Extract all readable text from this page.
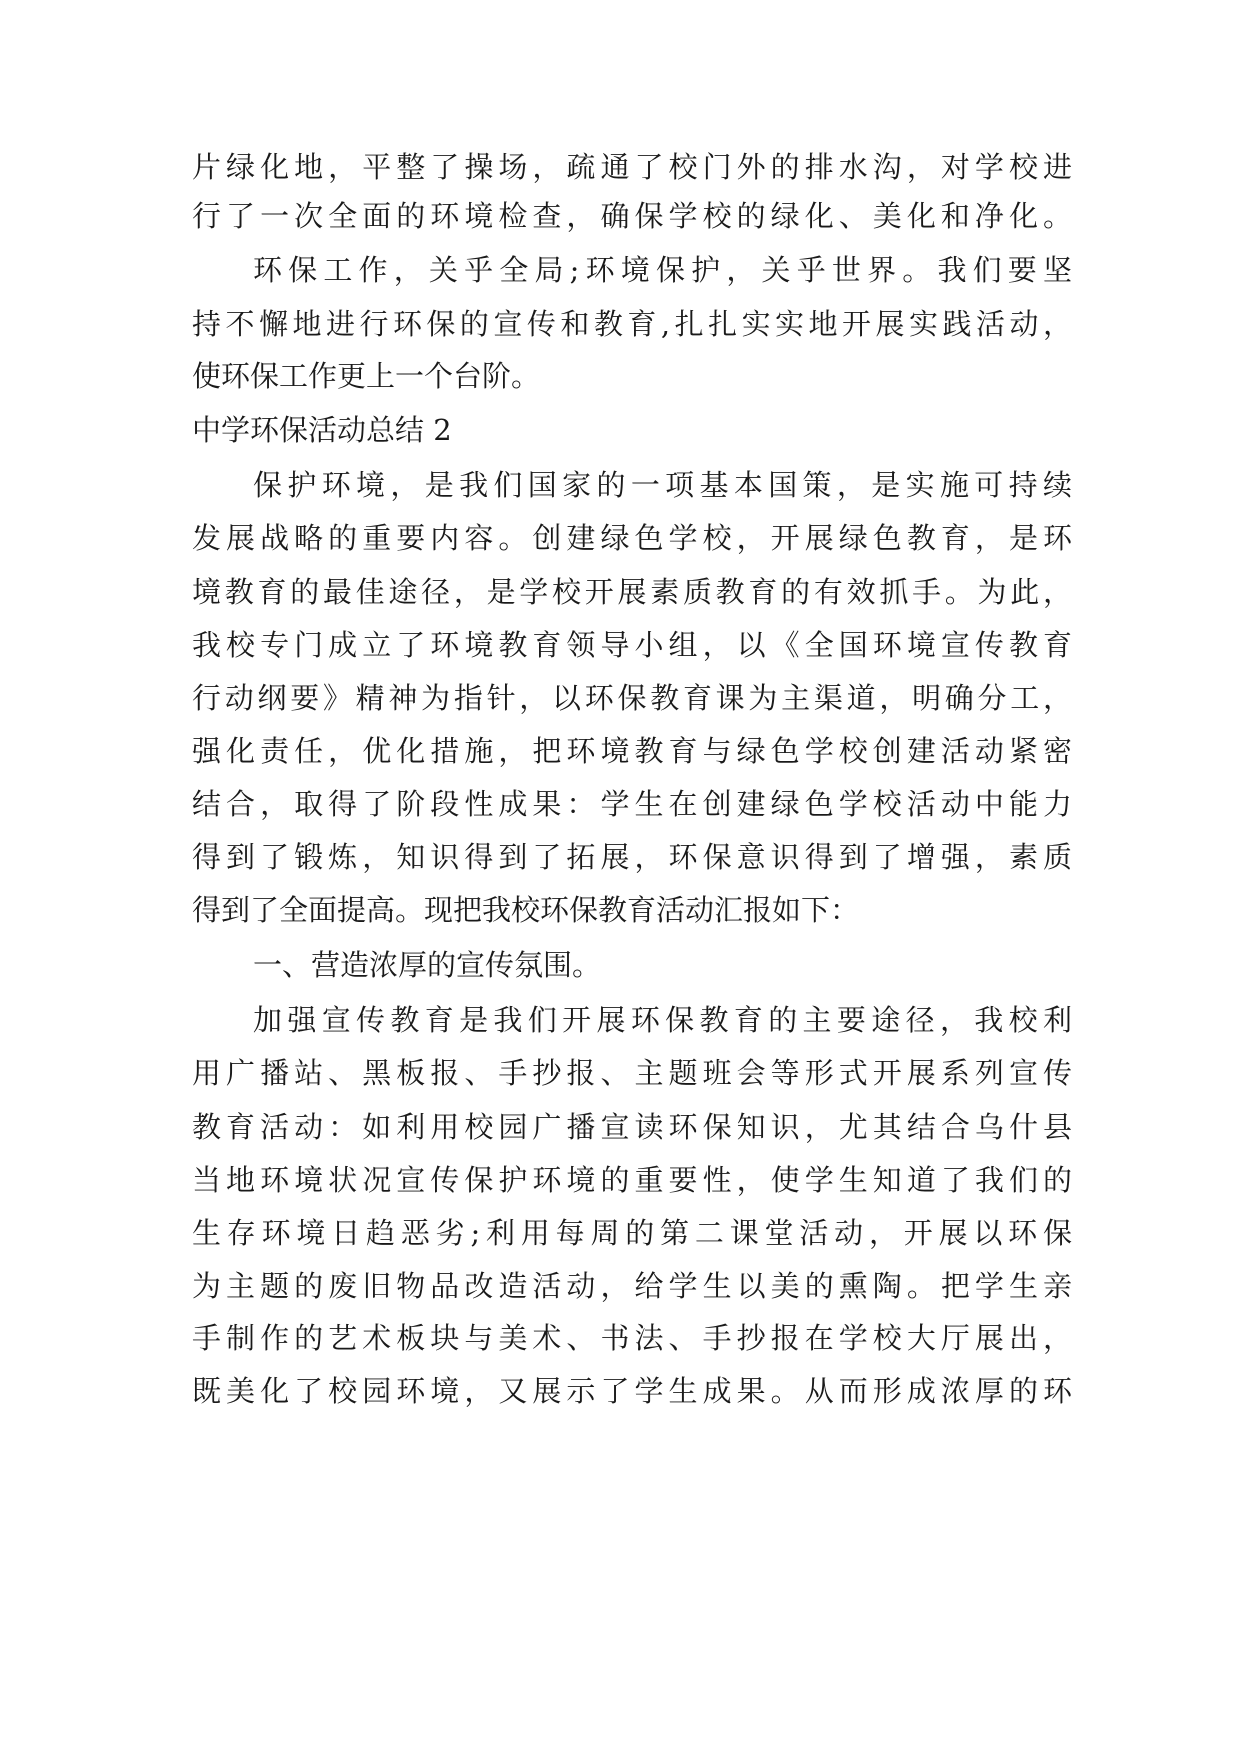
片绿化地，平整了操场，疏通了校门外的排水沟，对学校进
行了一次全面的环境检查，确保学校的绿化、美化和净化。
环保工作，关乎全局;环境保护，关乎世界。我们要坚
持不懈地进行环保的宣传和教育,扎扎实实地开展实践活动，
使环保工作更上一个台阶。
中学环保活动总结 2
保护环境，是我们国家的一项基本国策，是实施可持续
发展战略的重要内容。创建绿色学校，开展绿色教育，是环
境教育的最佳途径，是学校开展素质教育的有效抓手。为此，
我校专门成立了环境教育领导小组，以《全国环境宣传教育
行动纲要》精神为指针，以环保教育课为主渠道，明确分工，
强化责任，优化措施，把环境教育与绿色学校创建活动紧密
结合，取得了阶段性成果：学生在创建绿色学校活动中能力
得到了锻炼，知识得到了拓展，环保意识得到了增强，素质
得到了全面提高。现把我校环保教育活动汇报如下：
一、营造浓厚的宣传氛围。
加强宣传教育是我们开展环保教育的主要途径，我校利
用广播站、黑板报、手抄报、主题班会等形式开展系列宣传
教育活动：如利用校园广播宣读环保知识，尤其结合乌什县
当地环境状况宣传保护环境的重要性，使学生知道了我们的
生存环境日趋恶劣;利用每周的第二课堂活动，开展以环保
为主题的废旧物品改造活动，给学生以美的熏陶。把学生亲
手制作的艺术板块与美术、书法、手抄报在学校大厅展出，
既美化了校园环境，又展示了学生成果。从而形成浓厚的环
